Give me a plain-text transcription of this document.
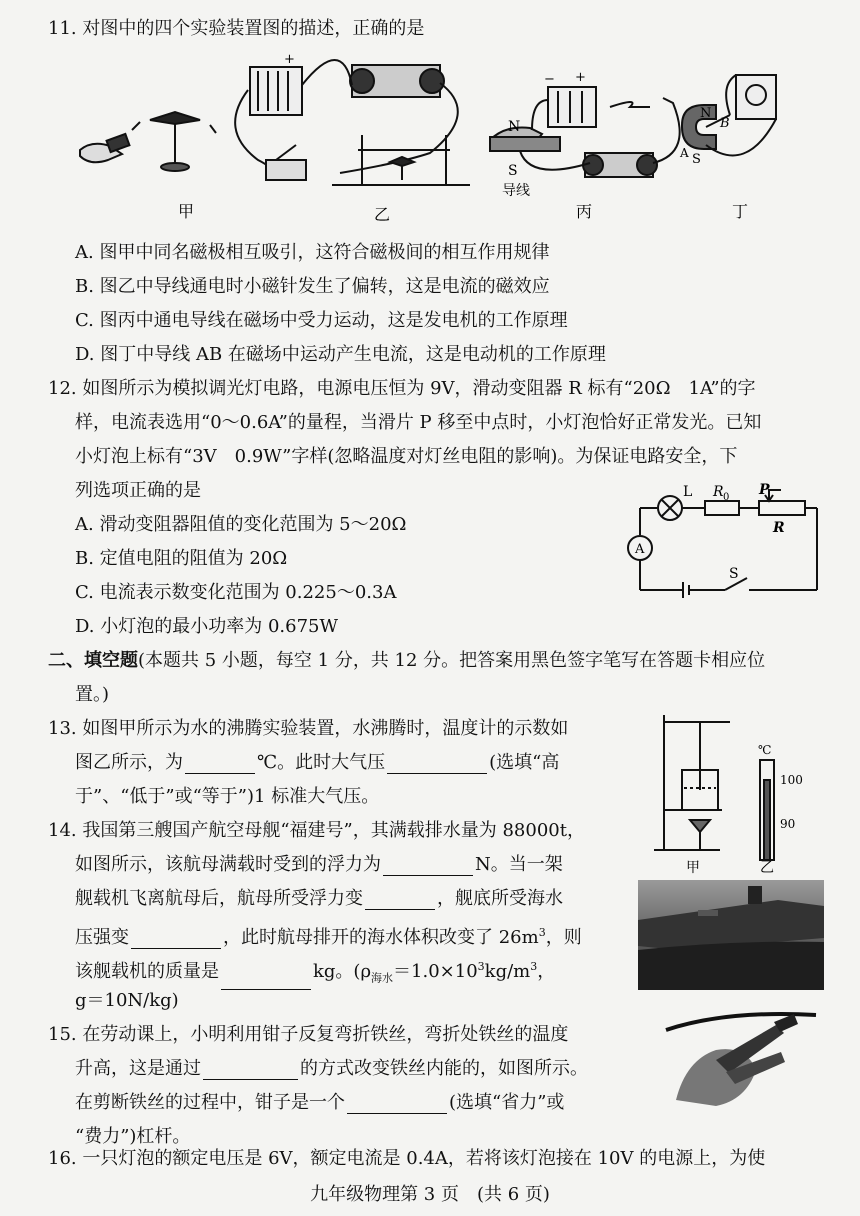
11. 对图中的四个实验装置图的描述，正确的是
甲
+
乙
− +
N
S
导线
丙
N
B
A S
丁
A. 图甲中同名磁极相互吸引，这符合磁极间的相互作用规律
B. 图乙中导线通电时小磁针发生了偏转，这是电流的磁效应
C. 图丙中通电导线在磁场中受力运动，这是发电机的工作原理
D. 图丁中导线 AB 在磁场中运动产生电流，这是电动机的工作原理
12. 如图所示为模拟调光灯电路，电源电压恒为 9V，滑动变阻器 R 标有“20Ω　1A”的字
样，电流表选用“0～0.6A”的量程，当滑片 P 移至中点时，小灯泡恰好正常发光。已知
小灯泡上标有“3V　0.9W”字样(忽略温度对灯丝电阻的影响)。为保证电路安全，下
列选项正确的是
A. 滑动变阻器阻值的变化范围为 5～20Ω
B. 定值电阻的阻值为 20Ω
C. 电流表示数变化范围为 0.225～0.3A
D. 小灯泡的最小功率为 0.675W
L R 0 P
R
A
S
二、填空题(本题共 5 小题，每空 1 分，共 12 分。把答案用黑色签字笔写在答题卡相应位
置。)
13. 如图甲所示为水的沸腾实验装置，水沸腾时，温度计的示数如
图乙所示，为	℃。此时大气压	(选填“高
于”、“低于”或“等于”)1 标准大气压。
℃
100
90
甲	乙
14. 我国第三艘国产航空母舰“福建号”，其满载排水量为 88000t，
如图所示，该航母满载时受到的浮力为	N。当一架
舰载机飞离航母后，航母所受浮力变	，舰底所受海水
压强变	，此时航母排开的海水体积改变了 $26m^3$，则
该舰载机的质量是	kg。($\rho_{海水}=1.0\times 10^3kg/m^3$，
g＝10N/kg)
15. 在劳动课上，小明利用钳子反复弯折铁丝，弯折处铁丝的温度
升高，这是通过	的方式改变铁丝内能的，如图所示。
在剪断铁丝的过程中，钳子是一个	(选填“省力”或
“费力”)杠杆。
16. 一只灯泡的额定电压是 6V，额定电流是 0.4A，若将该灯泡接在 10V 的电源上，为使
九年级物理第 3 页　(共 6 页)
